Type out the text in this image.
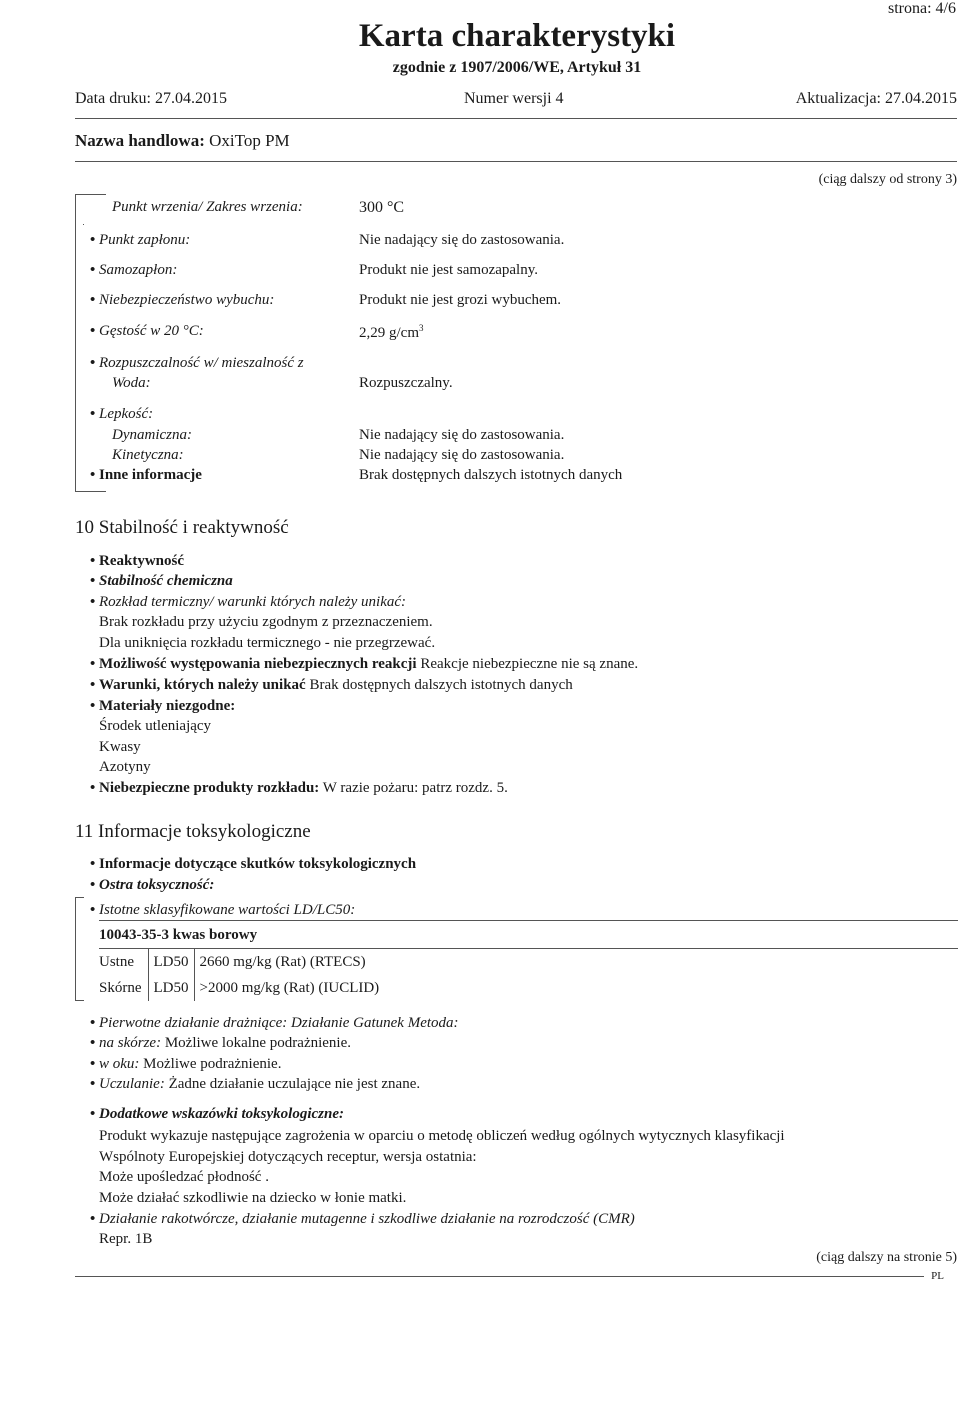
strona: 4/6
Karta charakterystyki
zgodnie z 1907/2006/WE, Artykuł 31
Data druku: 27.04.2015	Numer wersji 4	Aktualizacja: 27.04.2015
Nazwa handlowa: OxiTop PM
(ciąg dalszy od strony 3)
Punkt wrzenia/ Zakres wrzenia:	300 °C
• Punkt zapłonu:	Nie nadający się do zastosowania.
• Samozapłon:	Produkt nie jest samozapalny.
• Niebezpieczeństwo wybuchu:	Produkt nie jest grozi wybuchem.
• Gęstość w 20 °C:	2,29 $g/cm^3$
• Rozpuszczalność w/ mieszalność z
Woda:	Rozpuszczalny.
• Lepkość:
Dynamiczna:	Nie nadający się do zastosowania.
Kinetyczna:	Nie nadający się do zastosowania.
• Inne informacje	Brak dostępnych dalszych istotnych danych
10 Stabilność i reaktywność
• Reaktywność
• Stabilność chemiczna
• Rozkład termiczny/ warunki których należy unikać:
Brak rozkładu przy użyciu zgodnym z przeznaczeniem.
Dla uniknięcia rozkładu termicznego - nie przegrzewać.
• Możliwość występowania niebezpiecznych reakcji Reakcje niebezpieczne nie są znane.
• Warunki, których należy unikać Brak dostępnych dalszych istotnych danych
• Materiały niezgodne:
Środek utleniający
Kwasy
Azotyny
• Niebezpieczne produkty rozkładu: W razie pożaru: patrz rozdz. 5.
11 Informacje toksykologiczne
• Informacje dotyczące skutków toksykologicznych
• Ostra toksyczność:
• Istotne sklasyfikowane wartości LD/LC50:
10043-35-3 kwas borowy
Ustne	LD50	2660 mg/kg (Rat) (RTECS)
Skórne	LD50	>2000 mg/kg (Rat) (IUCLID)
• Pierwotne działanie drażniące: Działanie Gatunek Metoda:
• na skórze: Możliwe lokalne podrażnienie.
• w oku: Możliwe podrażnienie.
• Uczulanie: Żadne działanie uczulające nie jest znane.
• Dodatkowe wskazówki toksykologiczne:
Produkt wykazuje następujące zagrożenia w oparciu o metodę obliczeń według ogólnych wytycznych klasyfikacji
Wspólnoty Europejskiej dotyczących receptur, wersja ostatnia:
Może upośledzać płodność .
Może działać szkodliwie na dziecko w łonie matki.
• Działanie rakotwórcze, działanie mutagenne i szkodliwe działanie na rozrodczość (CMR)
Repr. 1B
(ciąg dalszy na stronie 5)
PL
